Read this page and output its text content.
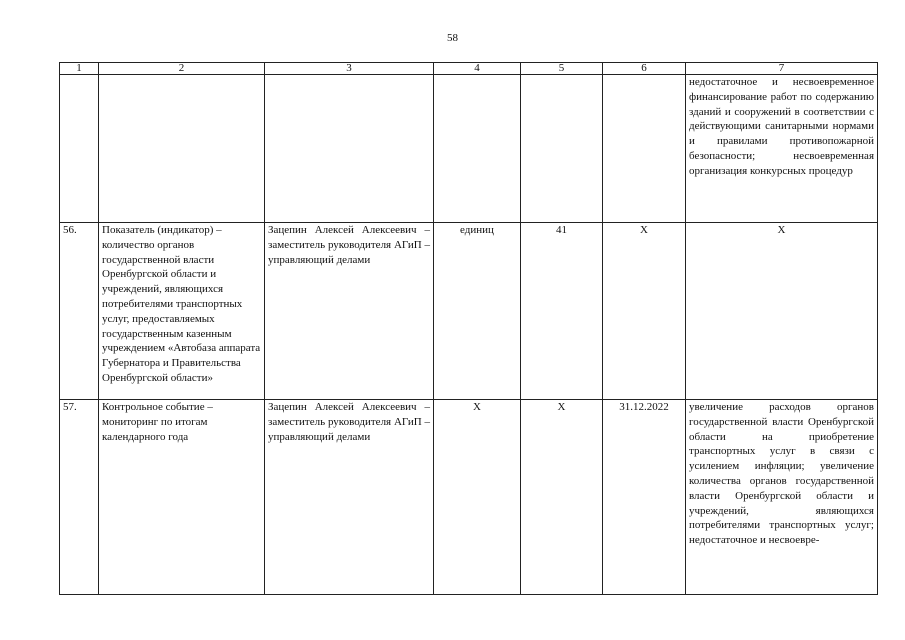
58
1	2	3	4	5	6	7
						недостаточное и несвоевременное финансирование работ по содержанию зданий и сооружений в соответствии с действующими санитарными нормами и правилами противопожарной безопасности; несвоевременная организация конкурсных процедур
56.	Показатель (индикатор) – количество органов государственной власти Оренбургской области и учреждений, являющихся потребителями транспортных услуг, предоставляемых государственным казенным учреждением «Автобаза аппарата Губернатора и Правительства Оренбургской области»	Зацепин Алексей Алексеевич – заместитель руководителя АГиП – управляющий делами	единиц	41	X	X
57.	Контрольное событие – мониторинг по итогам календарного года	Зацепин Алексей Алексеевич – заместитель руководителя АГиП – управляющий делами	X	X	31.12.2022	увеличение расходов органов государственной власти Оренбургской области на приобретение транспортных услуг в связи с усилением инфляции; увеличение количества органов государственной власти Оренбургской области и учреждений, являющихся потребителями транспортных услуг; недостаточное и несвоевре-
